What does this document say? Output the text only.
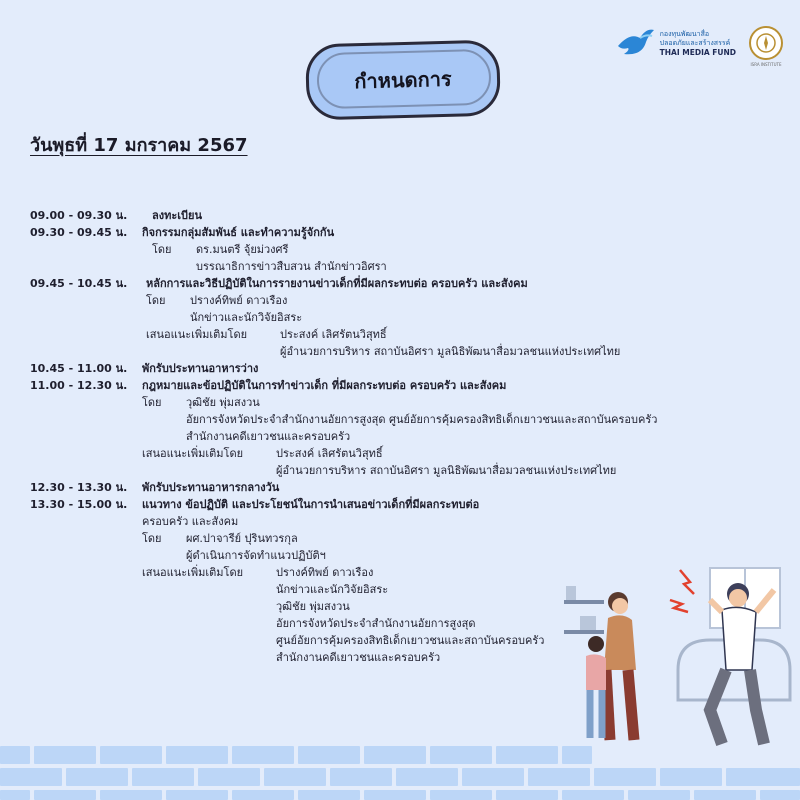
กำหนดการ
กองทุนพัฒนาสื่อ
ปลอดภัยและสร้างสรรค์
THAI MEDIA FUND
ISRA INSTITUTE
วันพุธที่ 17 มกราคม 2567
09.00 - 09.30 น. ลงทะเบียน
09.30 - 09.45 น. กิจกรรมกลุ่มสัมพันธ์ และทำความรู้จักกัน
โดย ดร.มนตรี จุ้ยม่วงศรี
บรรณาธิการข่าวสืบสวน สำนักข่าวอิศรา
09.45 - 10.45 น. หลักการและวิธีปฏิบัติในการรายงานข่าวเด็กที่มีผลกระทบต่อ ครอบครัว และสังคม
โดย ปรางค์ทิพย์ ดาวเรือง
นักข่าวและนักวิจัยอิสระ
เสนอแนะเพิ่มเติมโดย	ประสงค์ เลิศรัตนวิสุทธิ์
ผู้อำนวยการบริหาร สถาบันอิศรา มูลนิธิพัฒนาสื่อมวลชนแห่งประเทศไทย
10.45 - 11.00 น. พักรับประทานอาหารว่าง
11.00 - 12.30 น. กฎหมายและข้อปฏิบัติในการทำข่าวเด็ก ที่มีผลกระทบต่อ ครอบครัว และสังคม
โดย วุฒิชัย พุ่มสงวน
อัยการจังหวัดประจำสำนักงานอัยการสูงสุด ศูนย์อัยการคุ้มครองสิทธิเด็กเยาวชนและสถาบันครอบครัว
สำนักงานคดีเยาวชนและครอบครัว
เสนอแนะเพิ่มเติมโดย	ประสงค์ เลิศรัตนวิสุทธิ์
ผู้อำนวยการบริหาร สถาบันอิศรา มูลนิธิพัฒนาสื่อมวลชนแห่งประเทศไทย
12.30 - 13.30 น. พักรับประทานอาหารกลางวัน
13.30 - 15.00 น. แนวทาง ข้อปฏิบัติ และประโยชน์ในการนำเสนอข่าวเด็กที่มีผลกระทบต่อ
ครอบครัว และสังคม
โดย ผศ.ปาจารีย์ ปุรินทวรกุล
ผู้ดำเนินการจัดทำแนวปฏิบัติฯ
เสนอแนะเพิ่มเติมโดย	ปรางค์ทิพย์ ดาวเรือง
นักข่าวและนักวิจัยอิสระ
วุฒิชัย พุ่มสงวน
อัยการจังหวัดประจำสำนักงานอัยการสูงสุด
ศูนย์อัยการคุ้มครองสิทธิเด็กเยาวชนและสถาบันครอบครัว
สำนักงานคดีเยาวชนและครอบครัว
